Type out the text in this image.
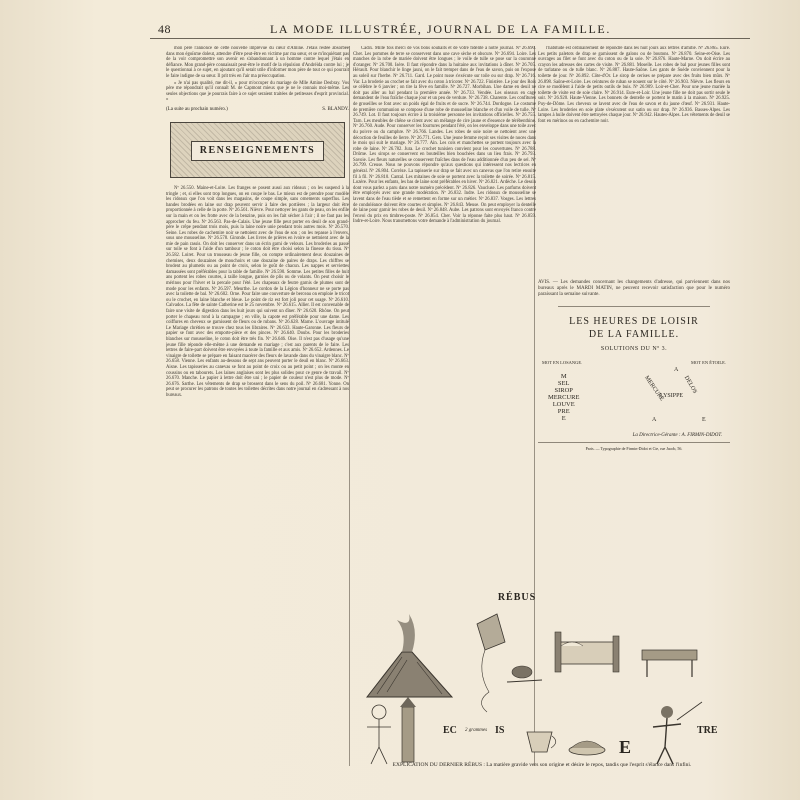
48	LA MODE ILLUSTRÉE, JOURNAL DE LA FAMILLE.

mon père l'annonce de cette nouvelle imprévue du cœur d'Amine. J'étais restée absorbée dans mon égoïsme doleut, attendre d'être peut-être en victime par ma sœur, et se m'inquiétant pas de la voir compromettre son avenir en s'abandonnant à un homme contre lequel j'étais en défiance. Mon grand-père connaissait peut-être le motif de la répulsion d'Andréida contre lui ; je le questionnai à ce sujet, en ajoutant qu'il serait utile d'informer mon père de tout ce qui pourrait le faire indigne de sa sœur. Il prit très en l'air ma préoccupation.

« Je n'ai pas qualité, me dit-il, » pour m'occuper du mariage de Mlle Amine Desbray. Vos père me répondrait qu'il connaît M. de Capmont mieux que je ne le connais moi-même. Les seules objections que je pourrais faire à ce sujet seraient traitées de petitesses d'esprit provincial. »

(La suite au prochain numéro.)	S. BLANDY.
RENSEIGNEMENTS

Nº 26.550. Maine-et-Loire. Les franges se posent aussi aux rideaux ; on les suspend à la tringle ; et, si elles sont trop longues, on en coupe le bas. Le mieux est de prendre pour modèle les rideaux que l'on voit dans les magasins, de coupe simple, sans ornements superflus. Les bandes brodées en laine sur drap peuvent servir à faire des portières ; la largeur doit être proportionnée à celle de la porte. Nº 26.561. Nièvre. Pour nettoyer les gants de peau, on les enfile sur la main et on les frotte avec de la benzine, puis on les fait sécher à l'air ; il ne faut pas les approcher du feu. Nº 26.563. Pas-de-Calais. Une jeune fille peut porter en deuil de son grand-père le crêpe pendant trois mois, puis la laine noire unie pendant trois autres mois. Nº 26.570. Seine. Les robes de cachemire noir se nettoient avec de l'eau de son ; on les repasse à l'envers, sous une mousseline. Nº 26.578. Gironde. Les livres de prières en ivoire se nettoient avec de la mie de pain rassis. On doit les conserver dans un écrin garni de velours. Les broderies au passé sur toile se font à l'aide d'un tambour ; le coton doit être choisi selon la finesse du tissu. Nº 26.582. Loiret. Pour un trousseau de jeune fille, on compte ordinairement deux douzaines de chemises, deux douzaines de mouchoirs et une douzaine de paires de draps. Les chiffres se brodent au plumetis ou au point de croix, selon le goût de chacun. Les nappes et serviettes damassées sont préférables pour la table de famille. Nº 26.590. Somme. Les petites filles de huit ans portent les robes courtes, à taille longue, garnies de plis ou de volants. On peut choisir le mérinos pour l'hiver et la percale pour l'été. Les chapeaux de feutre garnis de plumes sont de mode pour les enfants. Nº 26.597. Meurthe. Le cordon de la Légion d'honneur ne se porte pas avec la toilette de bal. Nº 26.602. Orne. Pour faire une couverture de berceau on emploie le tricot ou le crochet, en laine blanche et bleue. Le point de riz est fort joli pour cet usage. Nº 26.610. Calvados. La fête de sainte Catherine est le 25 novembre. Nº 26.615. Allier. Il est convenable de faire une visite de digestion dans les huit jours qui suivent un dîner. Nº 26.620. Rhône. On peut porter le chapeau rond à la campagne ; en ville, la capote est préférable pour une dame. Les coiffures en cheveux se garnissent de fleurs ou de rubans. Nº 26.628. Marne. L'ouvrage intitulé Le Mariage chrétien se trouve chez tous les libraires. Nº 26.633. Haute-Garonne. Les fleurs de papier se font avec des emporte-pièce et des pinces. Nº 26.640. Doubs. Pour les broderies blanches sur mousseline, le coton doit être très fin. Nº 26.646. Oise. Il n'est pas d'usage qu'une jeune fille réponde elle-même à une demande en mariage ; c'est aux parents de le faire. Les lettres de faire-part doivent être envoyées à toute la famille et aux amis. Nº 26.652. Ardennes. Le vinaigre de toilette se prépare en faisant macérer des fleurs de lavande dans du vinaigre blanc. Nº 26.658. Vienne. Les enfants au-dessous de sept ans peuvent porter le deuil en blanc. Nº 26.663. Aisne. Les tapisseries au canevas se font au point de croix ou au petit point ; on les monte en coussins ou en tabourets. Les laines anglaises sont les plus solides pour ce genre de travail. Nº 26.670. Manche. Le papier à lettre doit être uni ; le papier de couleur n'est plus de mode. Nº 26.676. Sarthe. Les vêtements de drap se brossent dans le sens du poil. Nº 26.681. Yonne. On peut se procurer les patrons de toutes les toilettes décrites dans notre journal en s'adressant à nos bureaux.

Cadix. Mille fois merci de vos bons souhaits et de votre fidélité à notre journal. Nº 26.690. Cher. Les pommes de terre se conservent dans une cave sèche et obscure. Nº 26.694. Loire. Les manches de la robe de mariée doivent être longues ; le voile de tulle se pose sur la couronne d'oranger. Nº 26.700. Isère. Il faut répondre dans la huitaine aux invitations à dîner. Nº 26.705. Hérault. Pour blanchir le linge jauni, on le fait tremper dans de l'eau de savon, puis on l'expose au soleil sur l'herbe. Nº 26.711. Gard. Le point russe s'exécute sur toile ou sur drap. Nº 26.716. Var. La broderie au crochet se fait avec du coton à tricoter. Nº 26.722. Finistère. Le jour des Rois se célèbre le 6 janvier ; on tire la fève en famille. Nº 26.727. Morbihan. Une dame en deuil ne doit pas aller au bal pendant la première année. Nº 26.733. Vendée. Les oiseaux en cage demandent de l'eau fraîche chaque jour et un peu de verdure. Nº 26.738. Charente. Les confitures de groseilles se font avec un poids égal de fruits et de sucre. Nº 26.744. Dordogne. Le costume de première communion se compose d'une robe de mousseline blanche et d'un voile de tulle. Nº 26.749. Lot. Il faut toujours écrire à la troisième personne les invitations officielles. Nº 26.755. Tarn. Les meubles de chêne se cirent avec un mélange de cire jaune et d'essence de térébenthine. Nº 26.760. Aude. Pour conserver les fourrures pendant l'été, on les enveloppe dans une toile avec du poivre ou du camphre. Nº 26.766. Landes. Les robes de soie noire se nettoient avec une décoction de feuilles de lierre. Nº 26.771. Gers. Une jeune femme reçoit ses visites de noces dans le mois qui suit le mariage. Nº 26.777. Ain. Les cols et manchettes se portent toujours avec la robe de laine. Nº 26.782. Jura. Le crochet tunisien convient pour les couvertures. Nº 26.788. Drôme. Les sirops se conservent en bouteilles bien bouchées dans un lieu frais. Nº 26.793. Savoie. Les fleurs naturelles se conservent fraîches dans de l'eau additionnée d'un peu de sel. Nº 26.799. Creuse. Nous ne pouvons répondre qu'aux questions qui intéressent nos lectrices en général. Nº 26.804. Corrèze. La tapisserie sur drap se fait avec un canevas que l'on retire ensuite fil à fil. Nº 26.810. Cantal. Les mitaines de soie se portent avec la toilette de soirée. Nº 26.815. Lozère. Pour les enfants, les bas de laine sont préférables en hiver. Nº 26.821. Ardèche. Le dessin dont vous parlez a paru dans notre numéro précédent. Nº 26.826. Vaucluse. Les parfums doivent être employés avec une grande modération. Nº 26.832. Indre. Les rideaux de mousseline se lavent dans de l'eau tiède et se remettent en forme sur un métier. Nº 26.837. Vosges. Les lettres de condoléance doivent être courtes et simples. Nº 26.843. Meuse. On peut employer la dentelle de laine pour garnir les robes de deuil. Nº 26.848. Aube. Les patrons sont envoyés franco contre l'envoi du prix en timbres-poste. Nº 26.854. Cher. Voir la réponse faite plus haut. Nº 26.859. Indre-et-Loire. Nous transmettons votre demande à l'administration du journal.

l'habitude est ordinairement de répondre dans les huit jours aux lettres d'amitié. Nº 26.865. Eure. Les petits paletots de drap se garnissent de galons ou de boutons. Nº 26.870. Seine-et-Oise. Les ouvrages au filet se font avec du coton ou de la soie. Nº 26.876. Haute-Marne. On doit écrire au crayon les adresses des cartes de visite. Nº 26.881. Moselle. Les robes de bal pour jeunes filles sont de tarlatane ou de tulle blanc. Nº 26.887. Haute-Saône. Les gants de Suède conviennent pour la toilette de jour. Nº 26.892. Côte-d'Or. Le sirop de cerises se prépare avec des fruits bien mûrs. Nº 26.898. Saône-et-Loire. Les ceintures de ruban se nouent sur le côté. Nº 26.903. Nièvre. Les fleurs en cire se modèlent à l'aide de petits outils de buis. Nº 26.909. Loir-et-Cher. Pour une jeune mariée la toilette de visite est de soie claire. Nº 26.914. Eure-et-Loir. Une jeune fille ne doit pas sortir seule le soir. Nº 26.920. Haute-Vienne. Les bonnets de dentelle se portent le matin à la maison. Nº 26.925. Puy-de-Dôme. Les cheveux se lavent avec de l'eau de savon et du jaune d'œuf. Nº 26.931. Haute-Loire. Les broderies en soie plate s'exécutent sur satin ou sur drap. Nº 26.936. Basses-Alpes. Les lampes à huile doivent être nettoyées chaque jour. Nº 26.942. Hautes-Alpes. Les vêtements de deuil se font en mérinos ou en cachemire noir.

AVIS. — Les demandes concernant les changements d'adresse, qui parviennent dans nos bureaux après le MARDI MATIN, ne peuvent recevoir satisfaction que pour le numéro paraissant la semaine suivante.
LES HEURES DE LOISIR
DE LA FAMILLE.
SOLUTIONS DU Nº 3.
MOT EN LOSANGE.	MOT EN ÉTOILE.
M
SEL
SIROP
MERCURE
LOUVE
PRE
E
A
MERCURE
LYSIPPE
DELOS
A	E
La Directrice-Gérante : A. FIRMIN-DIDOT.
Paris. — Typographie de Firmin-Didot et Cie, rue Jacob, 56.
RÉBUS
EC 2 grammes IS
E
TRE
EXPLICATION DU DERNIER RÉBUS : La matière gravide vers son origine et désire le repos, tandis que l'esprit s'élance dans l'infini.
